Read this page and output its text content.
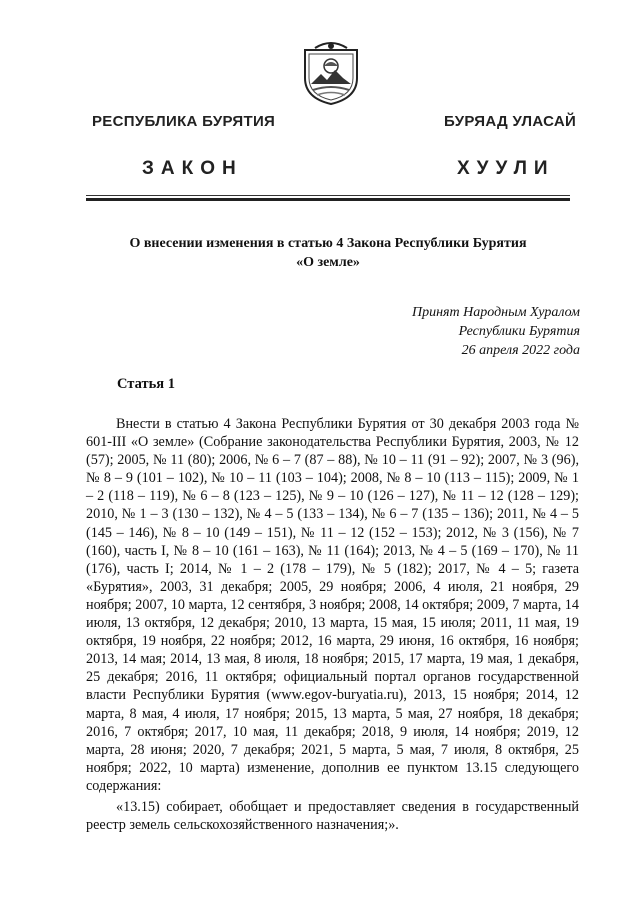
РЕСПУБЛИКА БУРЯТИЯ	БУРЯАД УЛАСАЙ
ЗАКОН	ХУУЛИ
О внесении изменения в статью 4 Закона Республики Бурятия
«О земле»
Принят Народным Хуралом
Республики Бурятия
26 апреля 2022 года
Статья 1

Внести в статью 4 Закона Республики Бурятия от 30 декабря 2003 года № 601-III «О земле» (Собрание законодательства Республики Бурятия, 2003, № 12 (57); 2005, № 11 (80); 2006, № 6 – 7 (87 – 88), № 10 – 11 (91 – 92); 2007, № 3 (96), № 8 – 9 (101 – 102), № 10 – 11 (103 – 104); 2008, № 8 – 10 (113 – 115); 2009, № 1 – 2 (118 – 119), № 6 – 8 (123 – 125), № 9 – 10 (126 – 127), № 11 – 12 (128 – 129); 2010, № 1 – 3 (130 – 132), № 4 – 5 (133 – 134), № 6 – 7 (135 – 136); 2011, № 4 – 5 (145 – 146), № 8 – 10 (149 – 151), № 11 – 12 (152 – 153); 2012, № 3 (156), № 7 (160), часть I, № 8 – 10 (161 – 163), № 11 (164); 2013, № 4 – 5 (169 – 170), № 11 (176), часть I; 2014, № 1 – 2 (178 – 179), № 5 (182); 2017, № 4 – 5; газета «Бурятия», 2003, 31 декабря; 2005, 29 ноября; 2006, 4 июля, 21 ноября, 29 ноября; 2007, 10 марта, 12 сентября, 3 ноября; 2008, 14 октября; 2009, 7 марта, 14 июля, 13 октября, 12 декабря; 2010, 13 марта, 15 мая, 15 июля; 2011, 11 мая, 19 октября, 19 ноября, 22 ноября; 2012, 16 марта, 29 июня, 16 октября, 16 ноября; 2013, 14 мая; 2014, 13 мая, 8 июля, 18 ноября; 2015, 17 марта, 19 мая, 1 декабря, 25 декабря; 2016, 11 октября; официальный портал органов государственной власти Республики Бурятия (www.egov-buryatia.ru), 2013, 15 ноября; 2014, 12 марта, 8 мая, 4 июля, 17 ноября; 2015, 13 марта, 5 мая, 27 ноября, 18 декабря; 2016, 7 октября; 2017, 10 мая, 11 декабря; 2018, 9 июля, 14 ноября; 2019, 12 марта, 28 июня; 2020, 7 декабря; 2021, 5 марта, 5 мая, 7 июля, 8 октября, 25 ноября; 2022, 10 марта) изменение, дополнив ее пунктом 13.15 следующего содержания:

«13.15) собирает, обобщает и предоставляет сведения в государственный реестр земель сельскохозяйственного назначения;».
